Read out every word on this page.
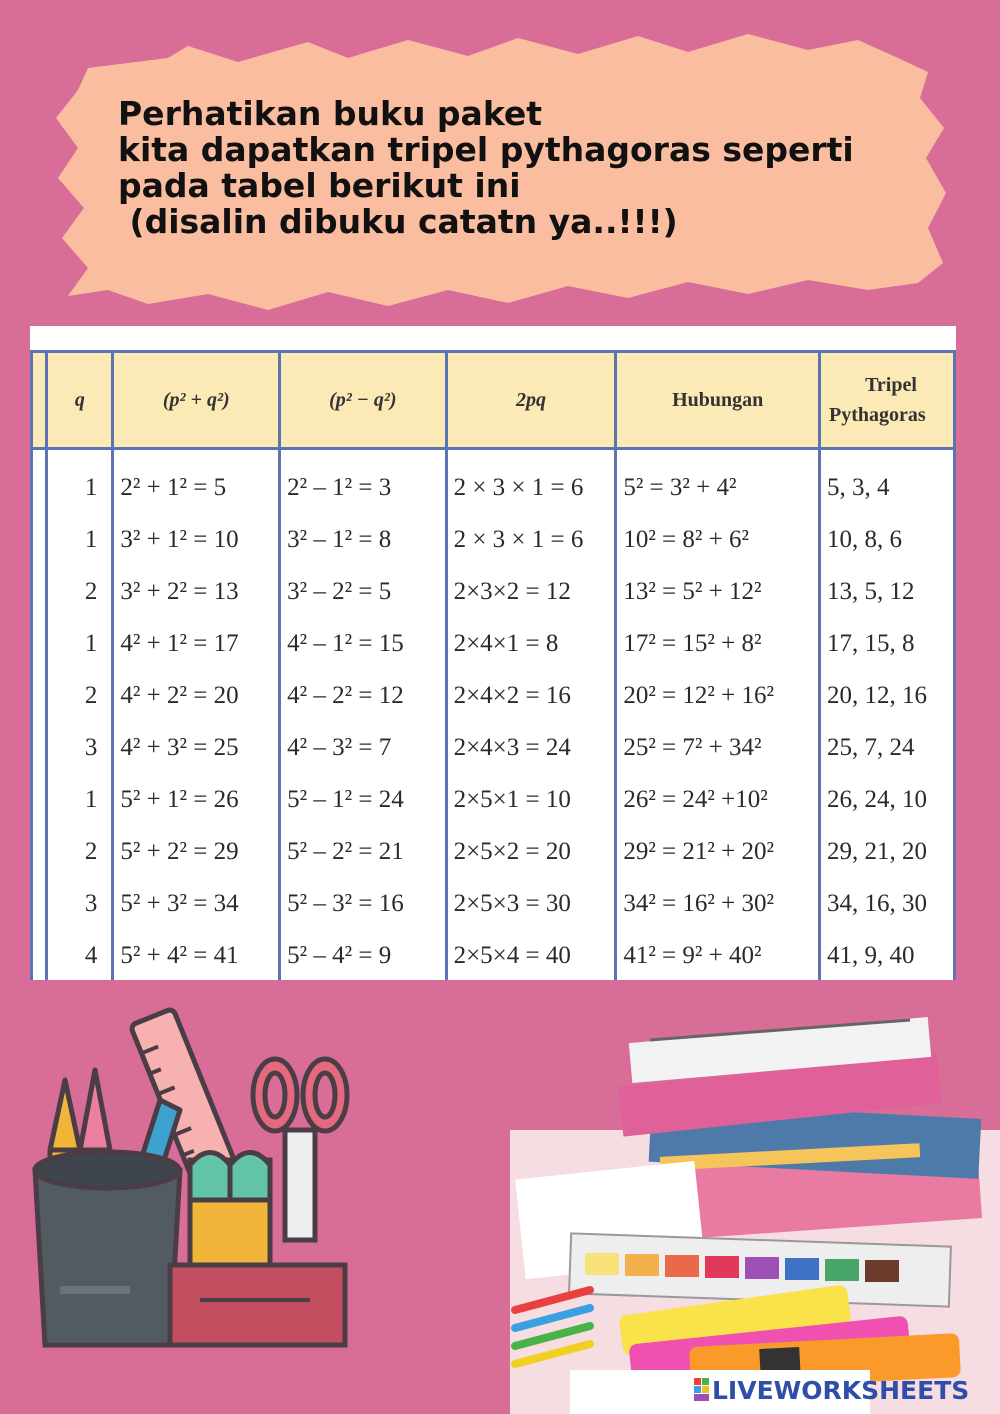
Perhatikan buku paket
kita dapatkan tripel pythagoras seperti
pada tabel berikut ini
(disalin dibuku catatn ya..!!!)
	q	(p² + q²)	(p² − q²)	2pq	Hubungan	Tripel
Pythagoras

	1	2² + 1² = 5	2² – 1² = 3	2 × 3 × 1 = 6	5² = 3² + 4²	5, 3, 4
	1	3² + 1² = 10	3² – 1² = 8	2 × 3 × 1 = 6	10² = 8² + 6²	10, 8, 6
	2	3² + 2² = 13	3² – 2² = 5	2×3×2 = 12	13² = 5² + 12²	13, 5, 12
	1	4² + 1² = 17	4² – 1² = 15	2×4×1 = 8	17² = 15² + 8²	17, 15, 8
	2	4² + 2² = 20	4² – 2² = 12	2×4×2 = 16	20² = 12² + 16²	20, 12, 16
	3	4² + 3² = 25	4² – 3² = 7	2×4×3 = 24	25² = 7² + 34²	25, 7, 24
	1	5² + 1² = 26	5² – 1² = 24	2×5×1 = 10	26² = 24² +10²	26, 24, 10
	2	5² + 2² = 29	5² – 2² = 21	2×5×2 = 20	29² = 21² + 20²	29, 21, 20
	3	5² + 3² = 34	5² – 3² = 16	2×5×3 = 30	34² = 16² + 30²	34, 16, 30
	4	5² + 4² = 41	5² – 4² = 9	2×5×4 = 40	41² = 9² + 40²	41, 9, 40
LIVEWORKSHEETS
